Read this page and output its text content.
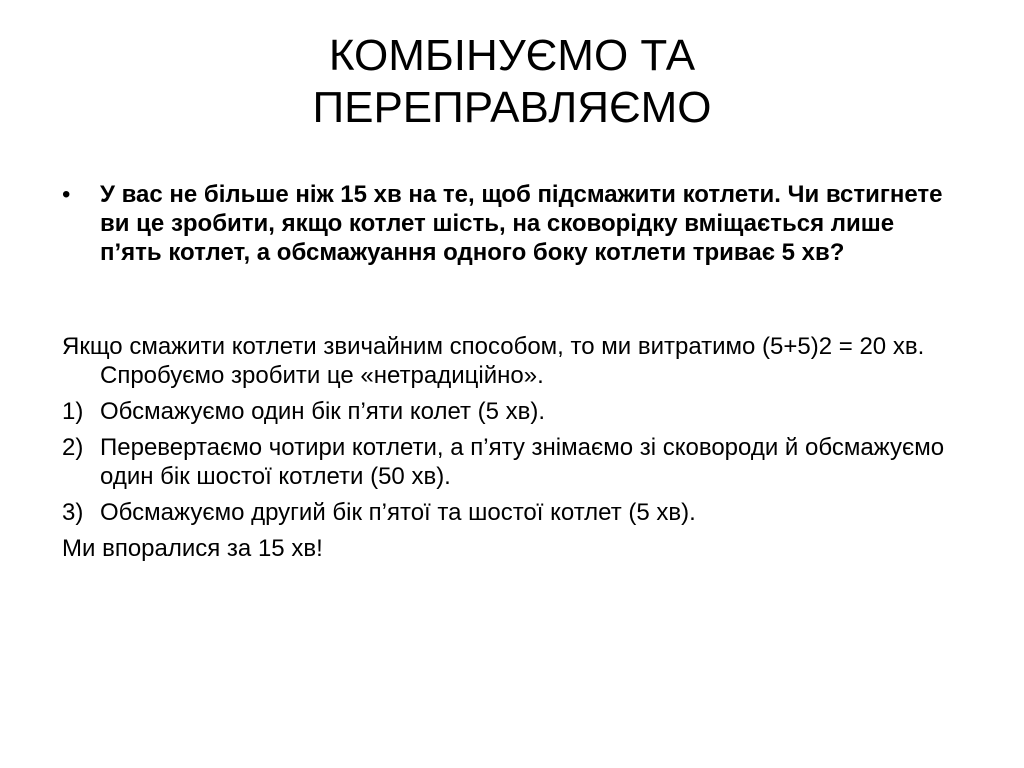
КОМБІНУЄМО ТА
ПЕРЕПРАВЛЯЄМО
• У вас не більше ніж 15 хв на те, щоб підсмажити котлети. Чи встигнете ви це зробити, якщо котлет шість, на сковорідку вміщається лише п’ять котлет, а обсмажуання одного боку котлети триває 5 хв?
Якщо смажити котлети звичайним способом, то ми витратимо (5+5)2 = 20 хв. Спробуємо зробити це «нетрадиційно».
1) Обсмажуємо один бік п’яти колет (5 хв).
2) Перевертаємо чотири котлети, а п’яту знімаємо зі сковороди й обсмажуємо один бік шостої котлети (50 хв).
3) Обсмажуємо другий бік п’ятої та шостої котлет (5 хв).
Ми впоралися за 15 хв!
